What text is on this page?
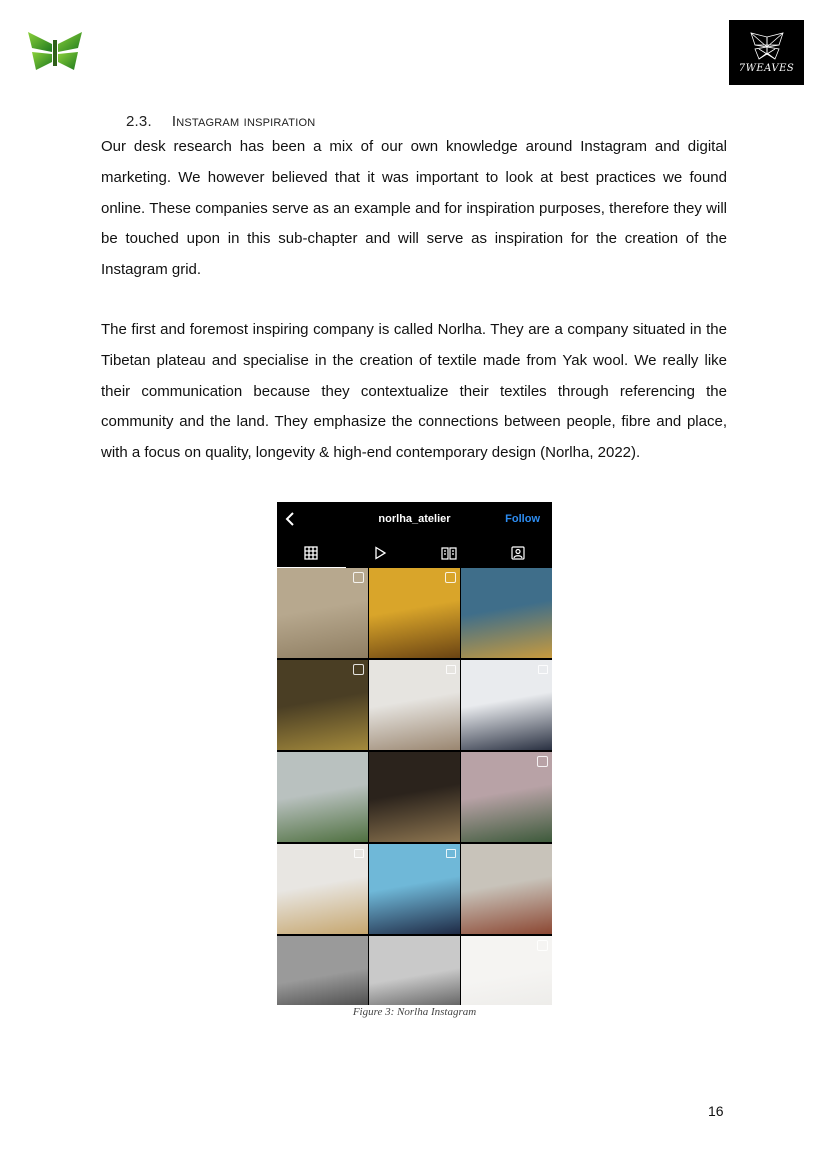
7WEAVES
2.3. Instagram inspiration

Our desk research has been a mix of our own knowledge around Instagram and digital marketing. We however believed that it was important to look at best practices we found online. These companies serve as an example and for inspiration purposes, therefore they will be touched upon in this sub-chapter and will serve as inspiration for the creation of the Instagram grid.

The first and foremost inspiring company is called Norlha. They are a company situated in the Tibetan plateau and specialise in the creation of textile made from Yak wool. We really like their communication because they contextualize their textiles through referencing the community and the land. They emphasize the connections between people, fibre and place, with a focus on quality, longevity & high-end contemporary design (Norlha, 2022).

norlha_atelier	Follow
Figure 3: Norlha Instagram
16
